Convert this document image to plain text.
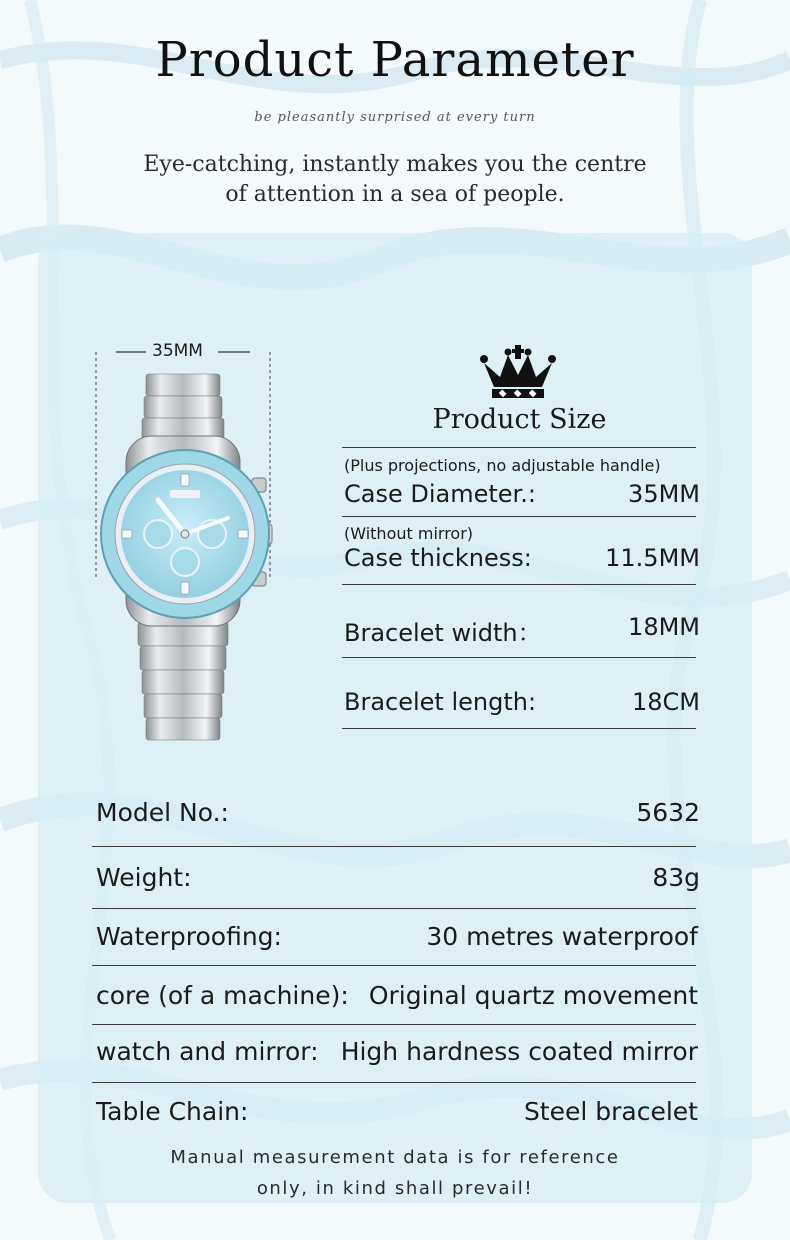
Product Parameter
be pleasantly surprised at every turn
Eye-catching, instantly makes you the centre
of attention in a sea of people.
35MM
Product Size
(Plus projections, no adjustable handle)
Case Diameter.:	35MM
(Without mirror)
Case thickness:	11.5MM
Bracelet width：	18MM
Bracelet length:	18CM
Model No.:	5632
Weight:	83g
Waterproofing:	30 metres waterproof
core (of a machine): Original quartz movement
watch and mirror: High hardness coated mirror
Table Chain:	Steel bracelet
Manual measurement data is for reference
only, in kind shall prevail!
